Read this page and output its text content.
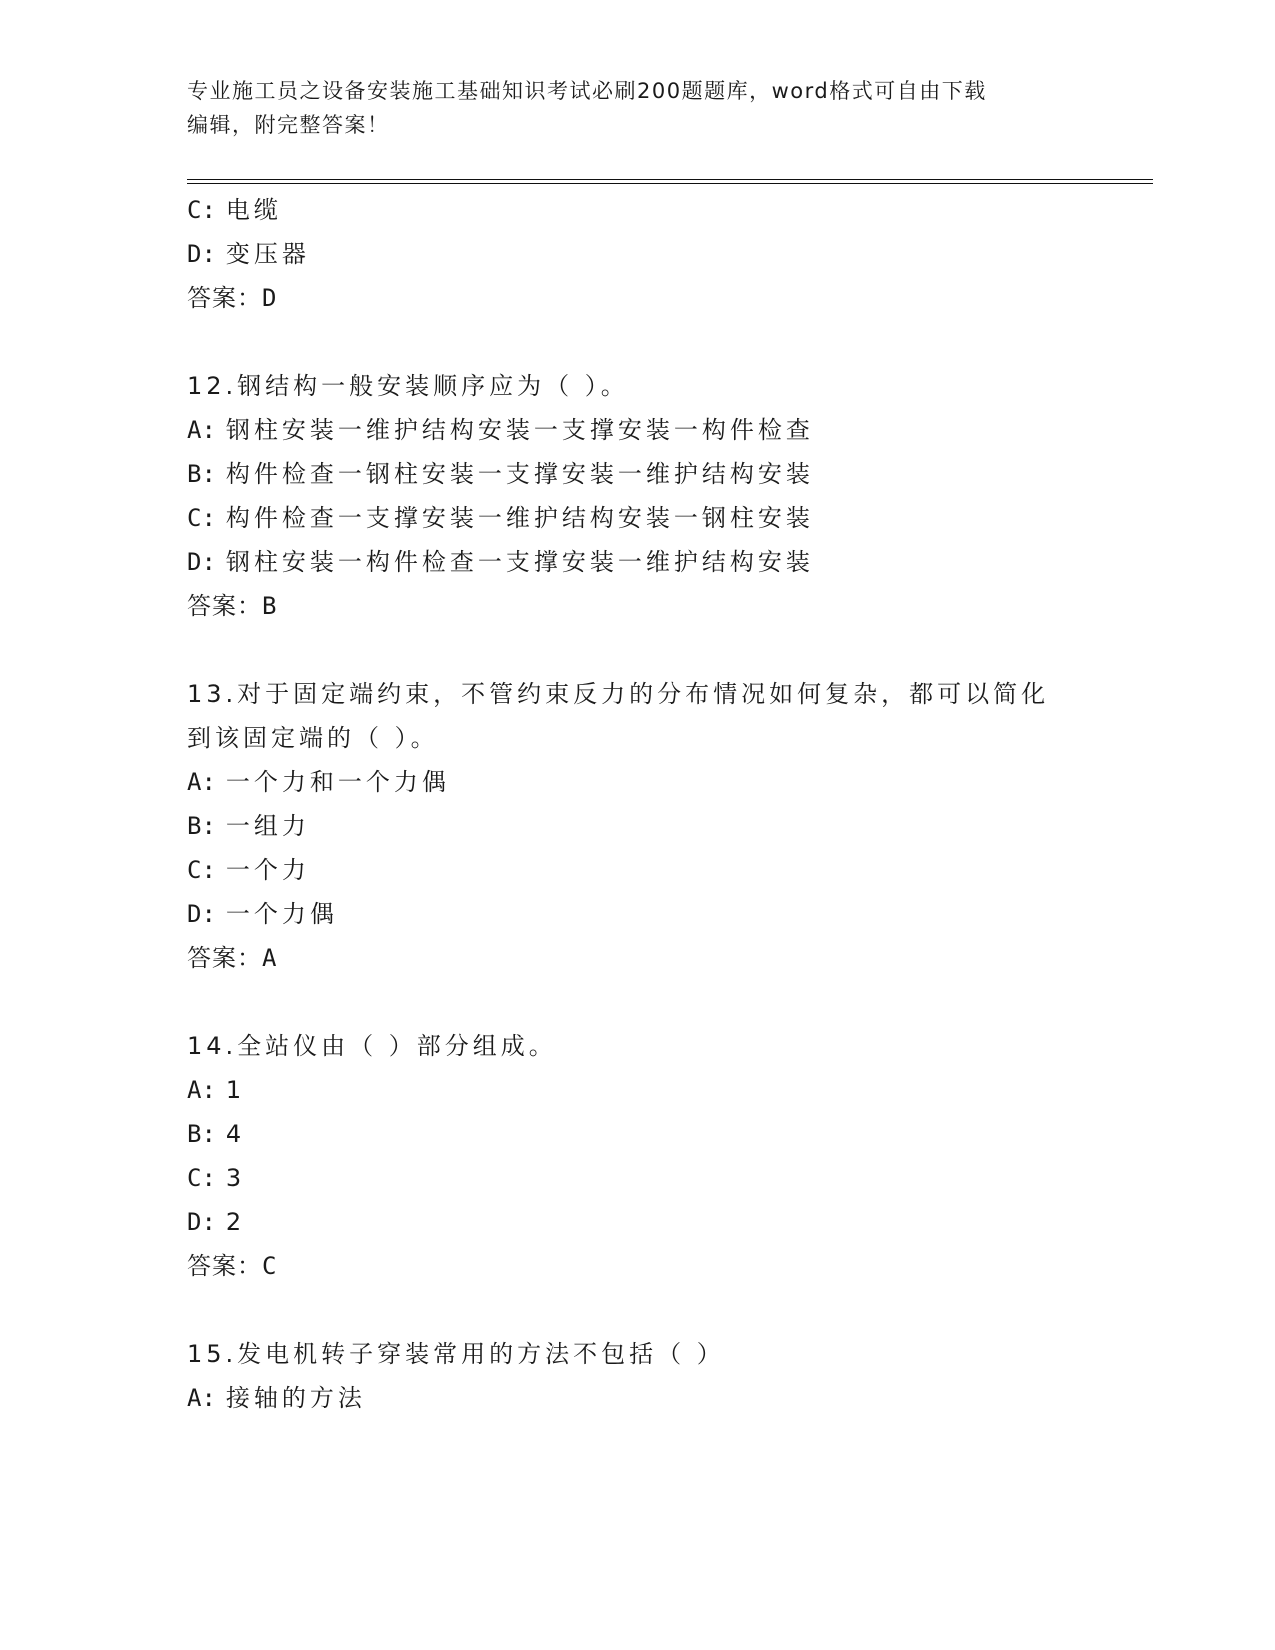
专业施工员之设备安装施工基础知识考试必刷200题题库，word格式可自由下载
编辑，附完整答案！
C: 电缆
D: 变压器
答案：D
12.钢结构一般安装顺序应为（ ）。
A: 钢柱安装一维护结构安装一支撑安装一构件检查
B: 构件检查一钢柱安装一支撑安装一维护结构安装
C: 构件检查一支撑安装一维护结构安装一钢柱安装
D: 钢柱安装一构件检查一支撑安装一维护结构安装
答案：B
13.对于固定端约束，不管约束反力的分布情况如何复杂，都可以简化
到该固定端的（ ）。
A: 一个力和一个力偶
B: 一组力
C: 一个力
D: 一个力偶
答案：A
14.全站仪由（ ）部分组成。
A: 1
B: 4
C: 3
D: 2
答案：C
15.发电机转子穿装常用的方法不包括（ ）
A: 接轴的方法
